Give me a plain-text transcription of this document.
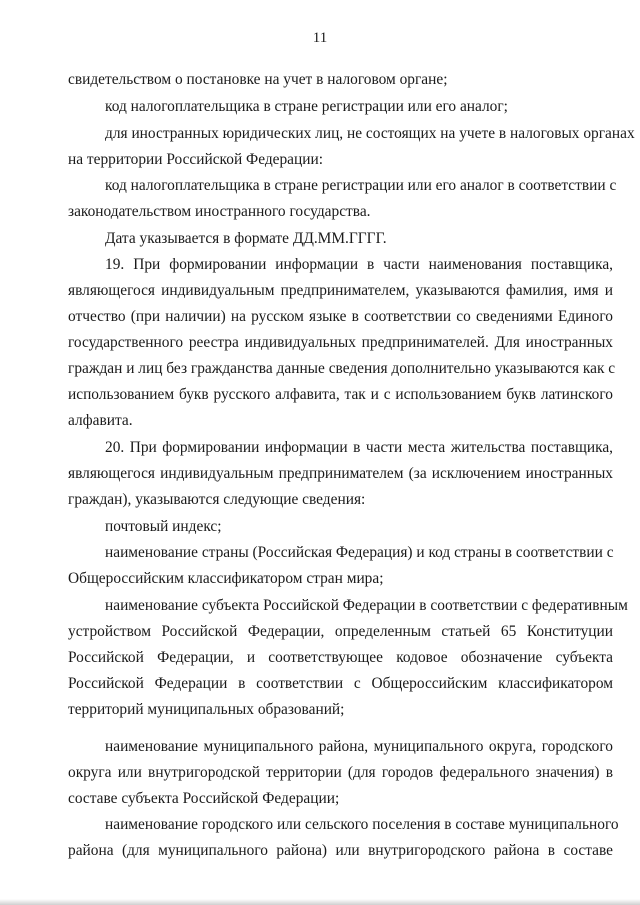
11
свидетельством о постановке на учет в налоговом органе;
код налогоплательщика в стране регистрации или его аналог;
для иностранных юридических лиц, не состоящих на учете в налоговых органах
на территории Российской Федерации:
код налогоплательщика в стране регистрации или его аналог в соответствии с
законодательством иностранного государства.
Дата указывается в формате ДД.ММ.ГГГГ.
19. При формировании информации в части наименования поставщика,
являющегося индивидуальным предпринимателем, указываются фамилия, имя и
отчество (при наличии) на русском языке в соответствии со сведениями Единого
государственного реестра индивидуальных предпринимателей. Для иностранных
граждан и лиц без гражданства данные сведения дополнительно указываются как с
использованием букв русского алфавита, так и с использованием букв латинского
алфавита.
20. При формировании информации в части места жительства поставщика,
являющегося индивидуальным предпринимателем (за исключением иностранных
граждан), указываются следующие сведения:
почтовый индекс;
наименование страны (Российская Федерация) и код страны в соответствии с
Общероссийским классификатором стран мира;
наименование субъекта Российской Федерации в соответствии с федеративным
устройством Российской Федерации, определенным статьей 65 Конституции
Российской Федерации, и соответствующее кодовое обозначение субъекта
Российской Федерации в соответствии с Общероссийским классификатором
территорий муниципальных образований;
наименование муниципального района, муниципального округа, городского
округа или внутригородской территории (для городов федерального значения) в
составе субъекта Российской Федерации;
наименование городского или сельского поселения в составе муниципального
района (для муниципального района) или внутригородского района в составе
